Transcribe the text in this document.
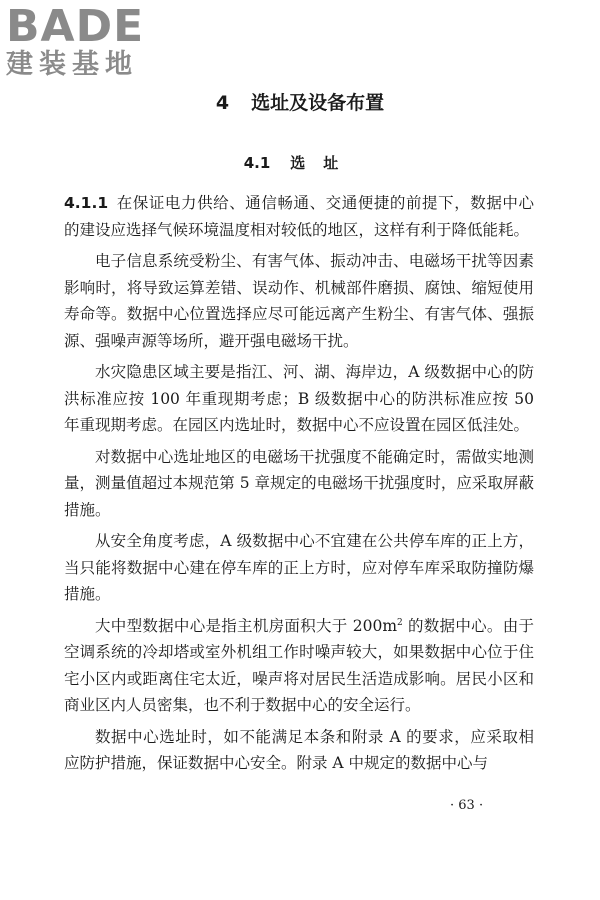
BADE
建装基地
4 选址及设备布置
4.1 选址

4.1.1 在保证电力供给、通信畅通、交通便捷的前提下，数据中心的建设应选择气候环境温度相对较低的地区，这样有利于降低能耗。

电子信息系统受粉尘、有害气体、振动冲击、电磁场干扰等因素影响时，将导致运算差错、误动作、机械部件磨损、腐蚀、缩短使用寿命等。数据中心位置选择应尽可能远离产生粉尘、有害气体、强振源、强噪声源等场所，避开强电磁场干扰。

水灾隐患区域主要是指江、河、湖、海岸边，A 级数据中心的防洪标准应按 100 年重现期考虑；B 级数据中心的防洪标准应按 50 年重现期考虑。在园区内选址时，数据中心不应设置在园区低洼处。

对数据中心选址地区的电磁场干扰强度不能确定时，需做实地测量，测量值超过本规范第 5 章规定的电磁场干扰强度时，应采取屏蔽措施。

从安全角度考虑，A 级数据中心不宜建在公共停车库的正上方，当只能将数据中心建在停车库的正上方时，应对停车库采取防撞防爆措施。

大中型数据中心是指主机房面积大于 $200m^2$ 的数据中心。由于空调系统的冷却塔或室外机组工作时噪声较大，如果数据中心位于住宅小区内或距离住宅太近，噪声将对居民生活造成影响。居民小区和商业区内人员密集，也不利于数据中心的安全运行。

数据中心选址时，如不能满足本条和附录 A 的要求，应采取相应防护措施，保证数据中心安全。附录 A 中规定的数据中心与

· 63 ·
